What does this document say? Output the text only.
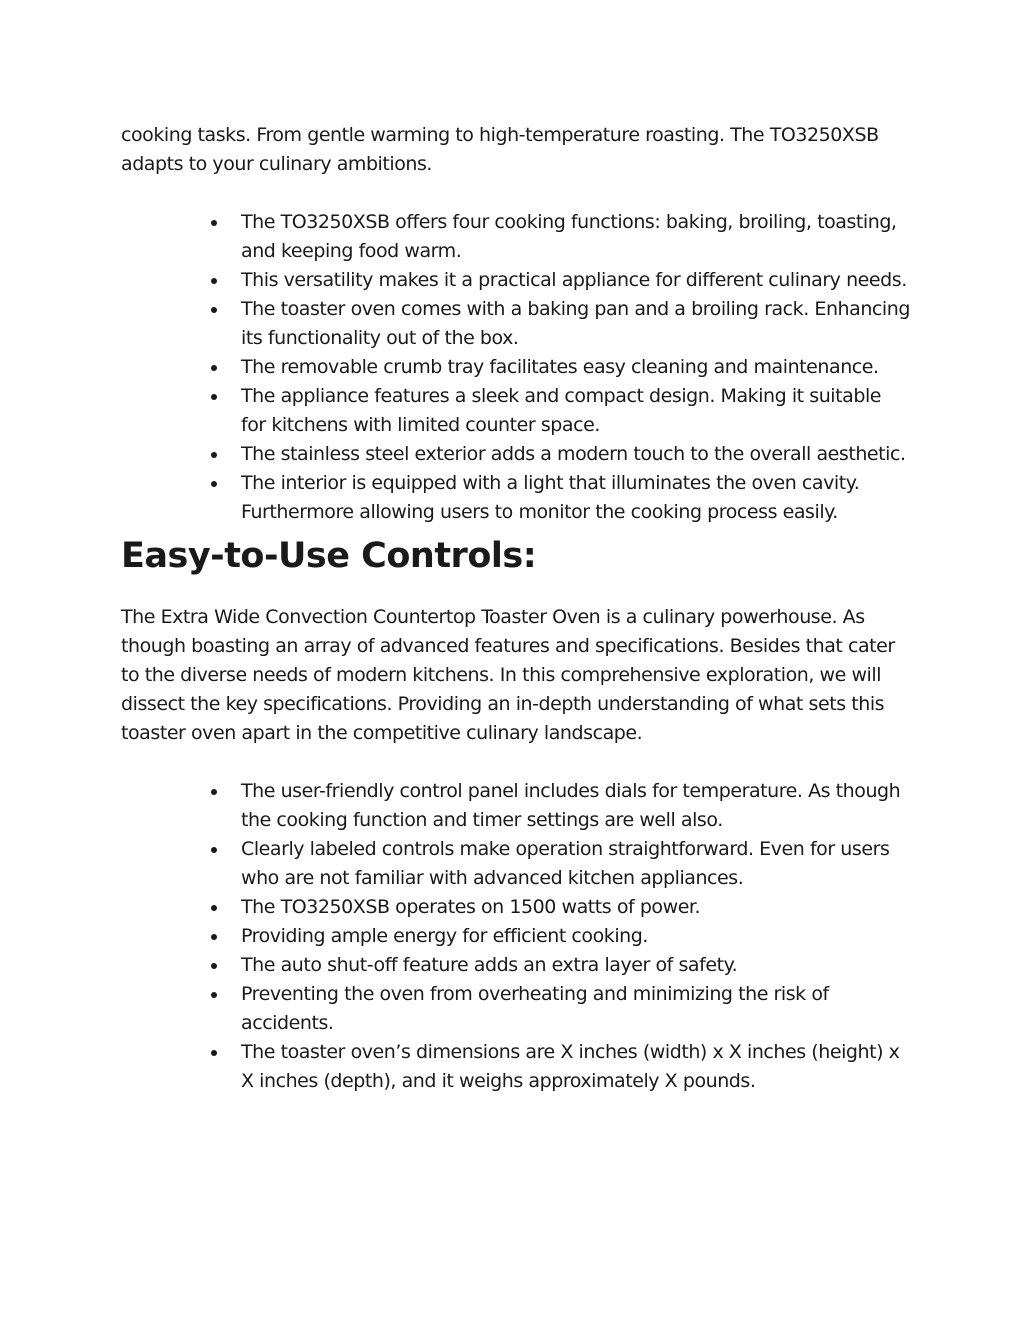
cooking tasks. From gentle warming to high-temperature roasting. The TO3250XSB adapts to your culinary ambitions.

The TO3250XSB offers four cooking functions: baking, broiling, toasting, and keeping food warm.
This versatility makes it a practical appliance for different culinary needs.
The toaster oven comes with a baking pan and a broiling rack. Enhancing its functionality out of the box.
The removable crumb tray facilitates easy cleaning and maintenance.
The appliance features a sleek and compact design. Making it suitable for kitchens with limited counter space.
The stainless steel exterior adds a modern touch to the overall aesthetic.
The interior is equipped with a light that illuminates the oven cavity. Furthermore allowing users to monitor the cooking process easily.
Easy-to-Use Controls:

The Extra Wide Convection Countertop Toaster Oven is a culinary powerhouse. As though boasting an array of advanced features and specifications. Besides that cater to the diverse needs of modern kitchens. In this comprehensive exploration, we will dissect the key specifications. Providing an in-depth understanding of what sets this toaster oven apart in the competitive culinary landscape.

The user-friendly control panel includes dials for temperature. As though the cooking function and timer settings are well also.
Clearly labeled controls make operation straightforward. Even for users who are not familiar with advanced kitchen appliances.
The TO3250XSB operates on 1500 watts of power.
Providing ample energy for efficient cooking.
The auto shut-off feature adds an extra layer of safety.
Preventing the oven from overheating and minimizing the risk of accidents.
The toaster oven’s dimensions are X inches (width) x X inches (height) x X inches (depth), and it weighs approximately X pounds.
